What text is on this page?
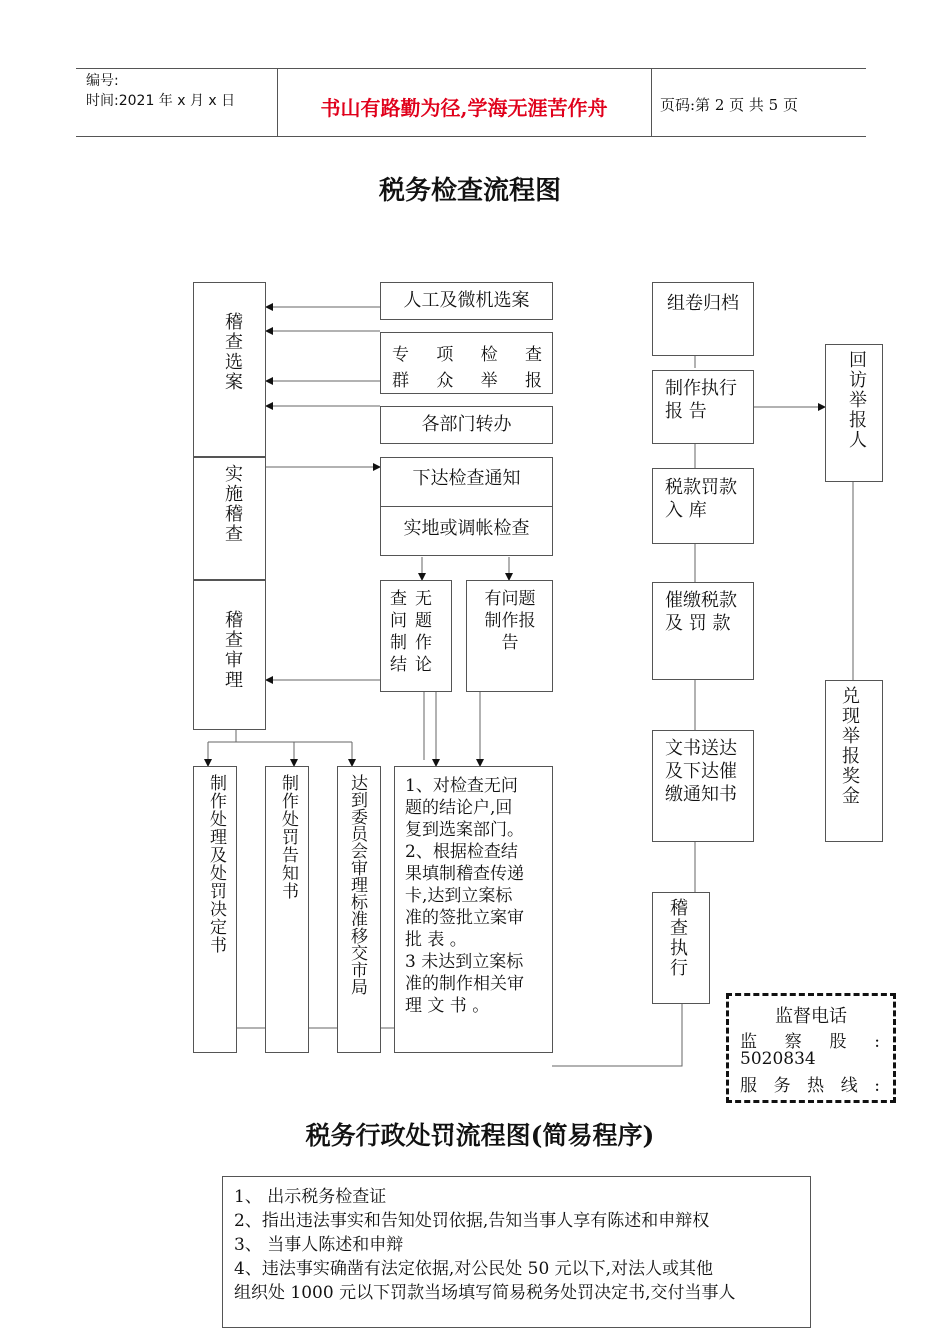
编号:
时间:2021 年 x 月 x 日	书山有路勤为径,学海无涯苦作舟	页码:第 2 页 共 5 页
税务检查流程图
稽查选案
实施稽查
稽查审理
人工及微机选案
专 项 检 查
群 众 举 报
各部门转办
下达检查通知
实地或调帐检查
查无问题制作结论
有问题制作报告
制作处理及处罚决定书	制作处罚告知书	达到委员会审理标准移交市局 1、对检查无问
题的结论户,回
复到选案部门。
2、根据检查结
果填制稽查传递
卡,达到立案标
准的签批立案审
批 表 。
3 未达到立案标
准的制作相关审
理 文 书 。
组卷归档
制作执行报 告
税款罚款入 库
催缴税款及 罚 款
文书送达及下达催缴通知书
稽查执行
回访举报人
兑现举报奖金
监督电话
监 察 股 :
5020834
服 务 热 线 :
税务行政处罚流程图(简易程序)
1、 出示税务检查证
2、指出违法事实和告知处罚依据,告知当事人享有陈述和申辩权
3、 当事人陈述和申辩
4、违法事实确凿有法定依据,对公民处 50 元以下,对法人或其他
组织处 1000 元以下罚款当场填写简易税务处罚决定书,交付当事人
